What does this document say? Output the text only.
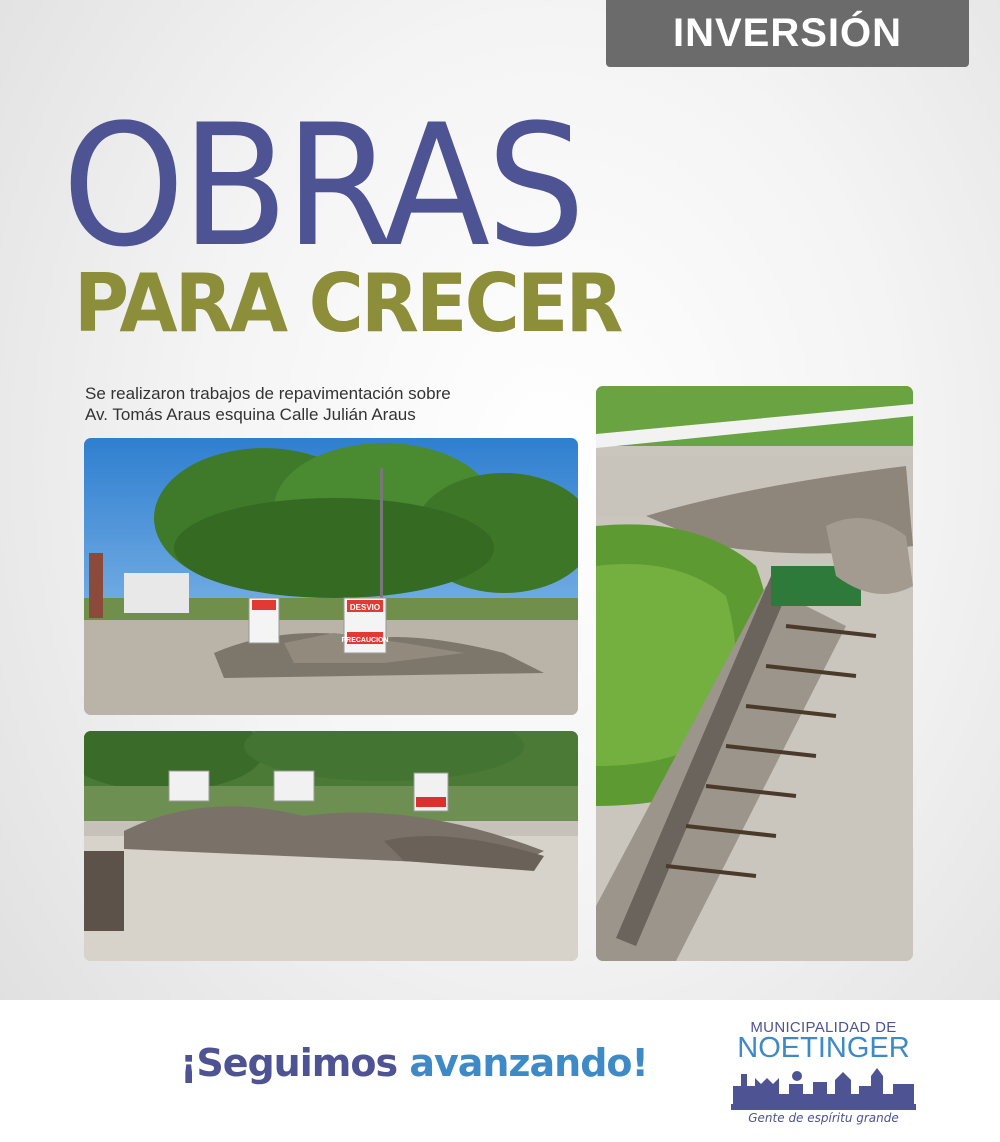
INVERSIÓN
OBRAS
PARA CRECER
Se realizaron trabajos de repavimentación sobre
Av. Tomás Araus esquina Calle Julián Araus
DESVIO
PRECAUCION
¡Seguimos avanzando!
MUNICIPALIDAD DE
NOETINGER
Gente de espíritu grande
